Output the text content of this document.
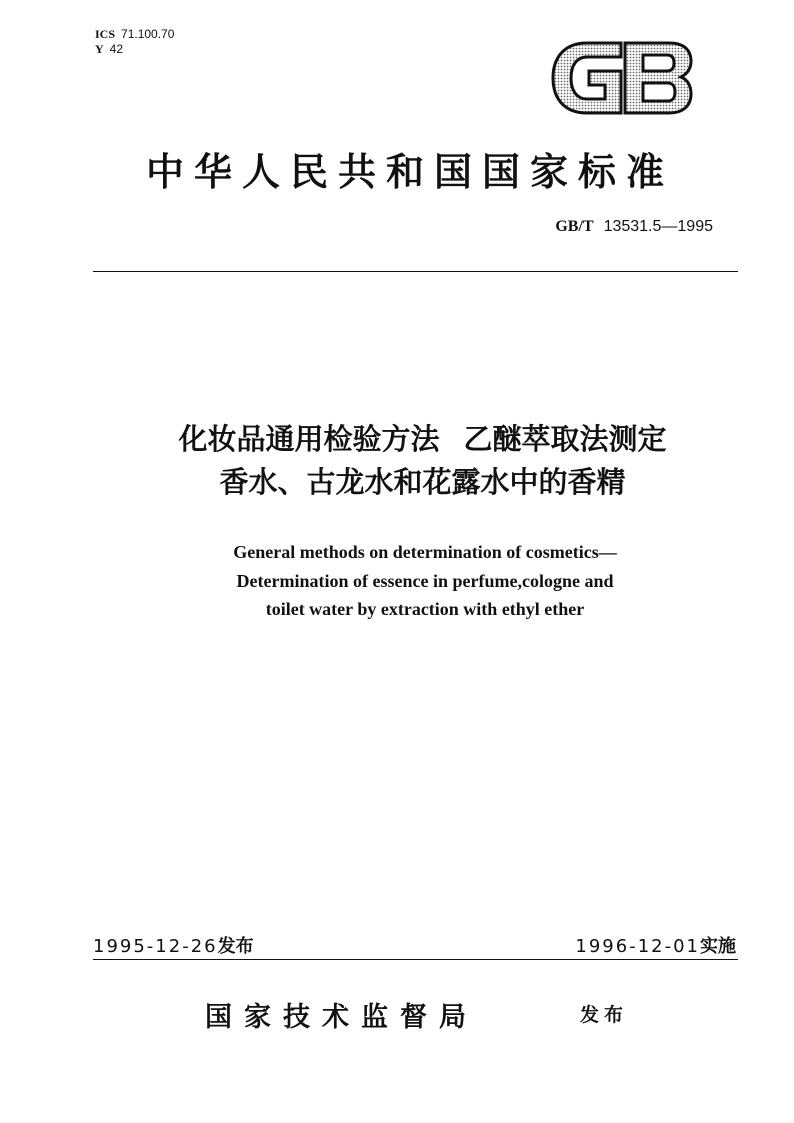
ICS 71.100.70
Y 42
中华人民共和国国家标准
GB/T 13531.5—1995
化妆品通用检验方法 乙醚萃取法测定
香水、古龙水和花露水中的香精
General methods on determination of cosmetics—
Determination of essence in perfume,cologne and
toilet water by extraction with ethyl ether
1995-12-26发布	1996-12-01实施
国家技术监督局	发布
